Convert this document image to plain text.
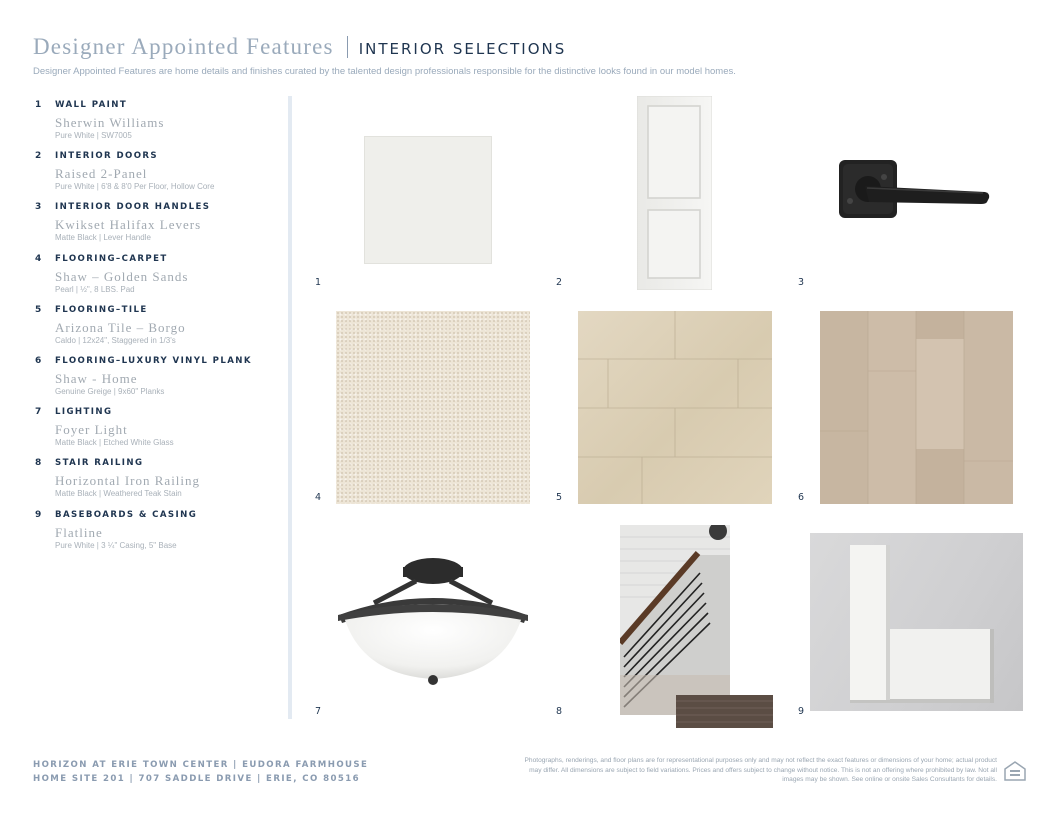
Designer Appointed Features INTERIOR SELECTIONS
Designer Appointed Features are home details and finishes curated by the talented design professionals responsible for the distinctive looks found in our model homes.
1 WALL PAINT
Sherwin Williams
Pure White | SW7005
2 INTERIOR DOORS
Raised 2-Panel
Pure White | 6'8 & 8'0 Per Floor, Hollow Core
3 INTERIOR DOOR HANDLES
Kwikset Halifax Levers
Matte Black | Lever Handle
4 FLOORING–CARPET
Shaw – Golden Sands
Pearl | ½", 8 LBS. Pad
5 FLOORING–TILE
Arizona Tile – Borgo
Caldo | 12x24", Staggered in 1/3's
6 FLOORING–LUXURY VINYL PLANK
Shaw - Home
Genuine Greige | 9x60" Planks
7 LIGHTING
Foyer Light
Matte Black | Etched White Glass
8 STAIR RAILING
Horizontal Iron Railing
Matte Black | Weathered Teak Stain
9 BASEBOARDS & CASING
Flatline
Pure White | 3 ¼" Casing, 5" Base
1	2	3
4	5	6
7	8	9
HORIZON AT ERIE TOWN CENTER | EUDORA FARMHOUSE
HOME SITE 201 | 707 SADDLE DRIVE | ERIE, CO 80516
Photographs, renderings, and floor plans are for representational purposes only and may not reflect the exact features or dimensions of your home; actual product may differ. All dimensions are subject to field variations. Prices and offers subject to change without notice. This is not an offering where prohibited by law. Not all images may be shown. See online or onsite Sales Consultants for details.
